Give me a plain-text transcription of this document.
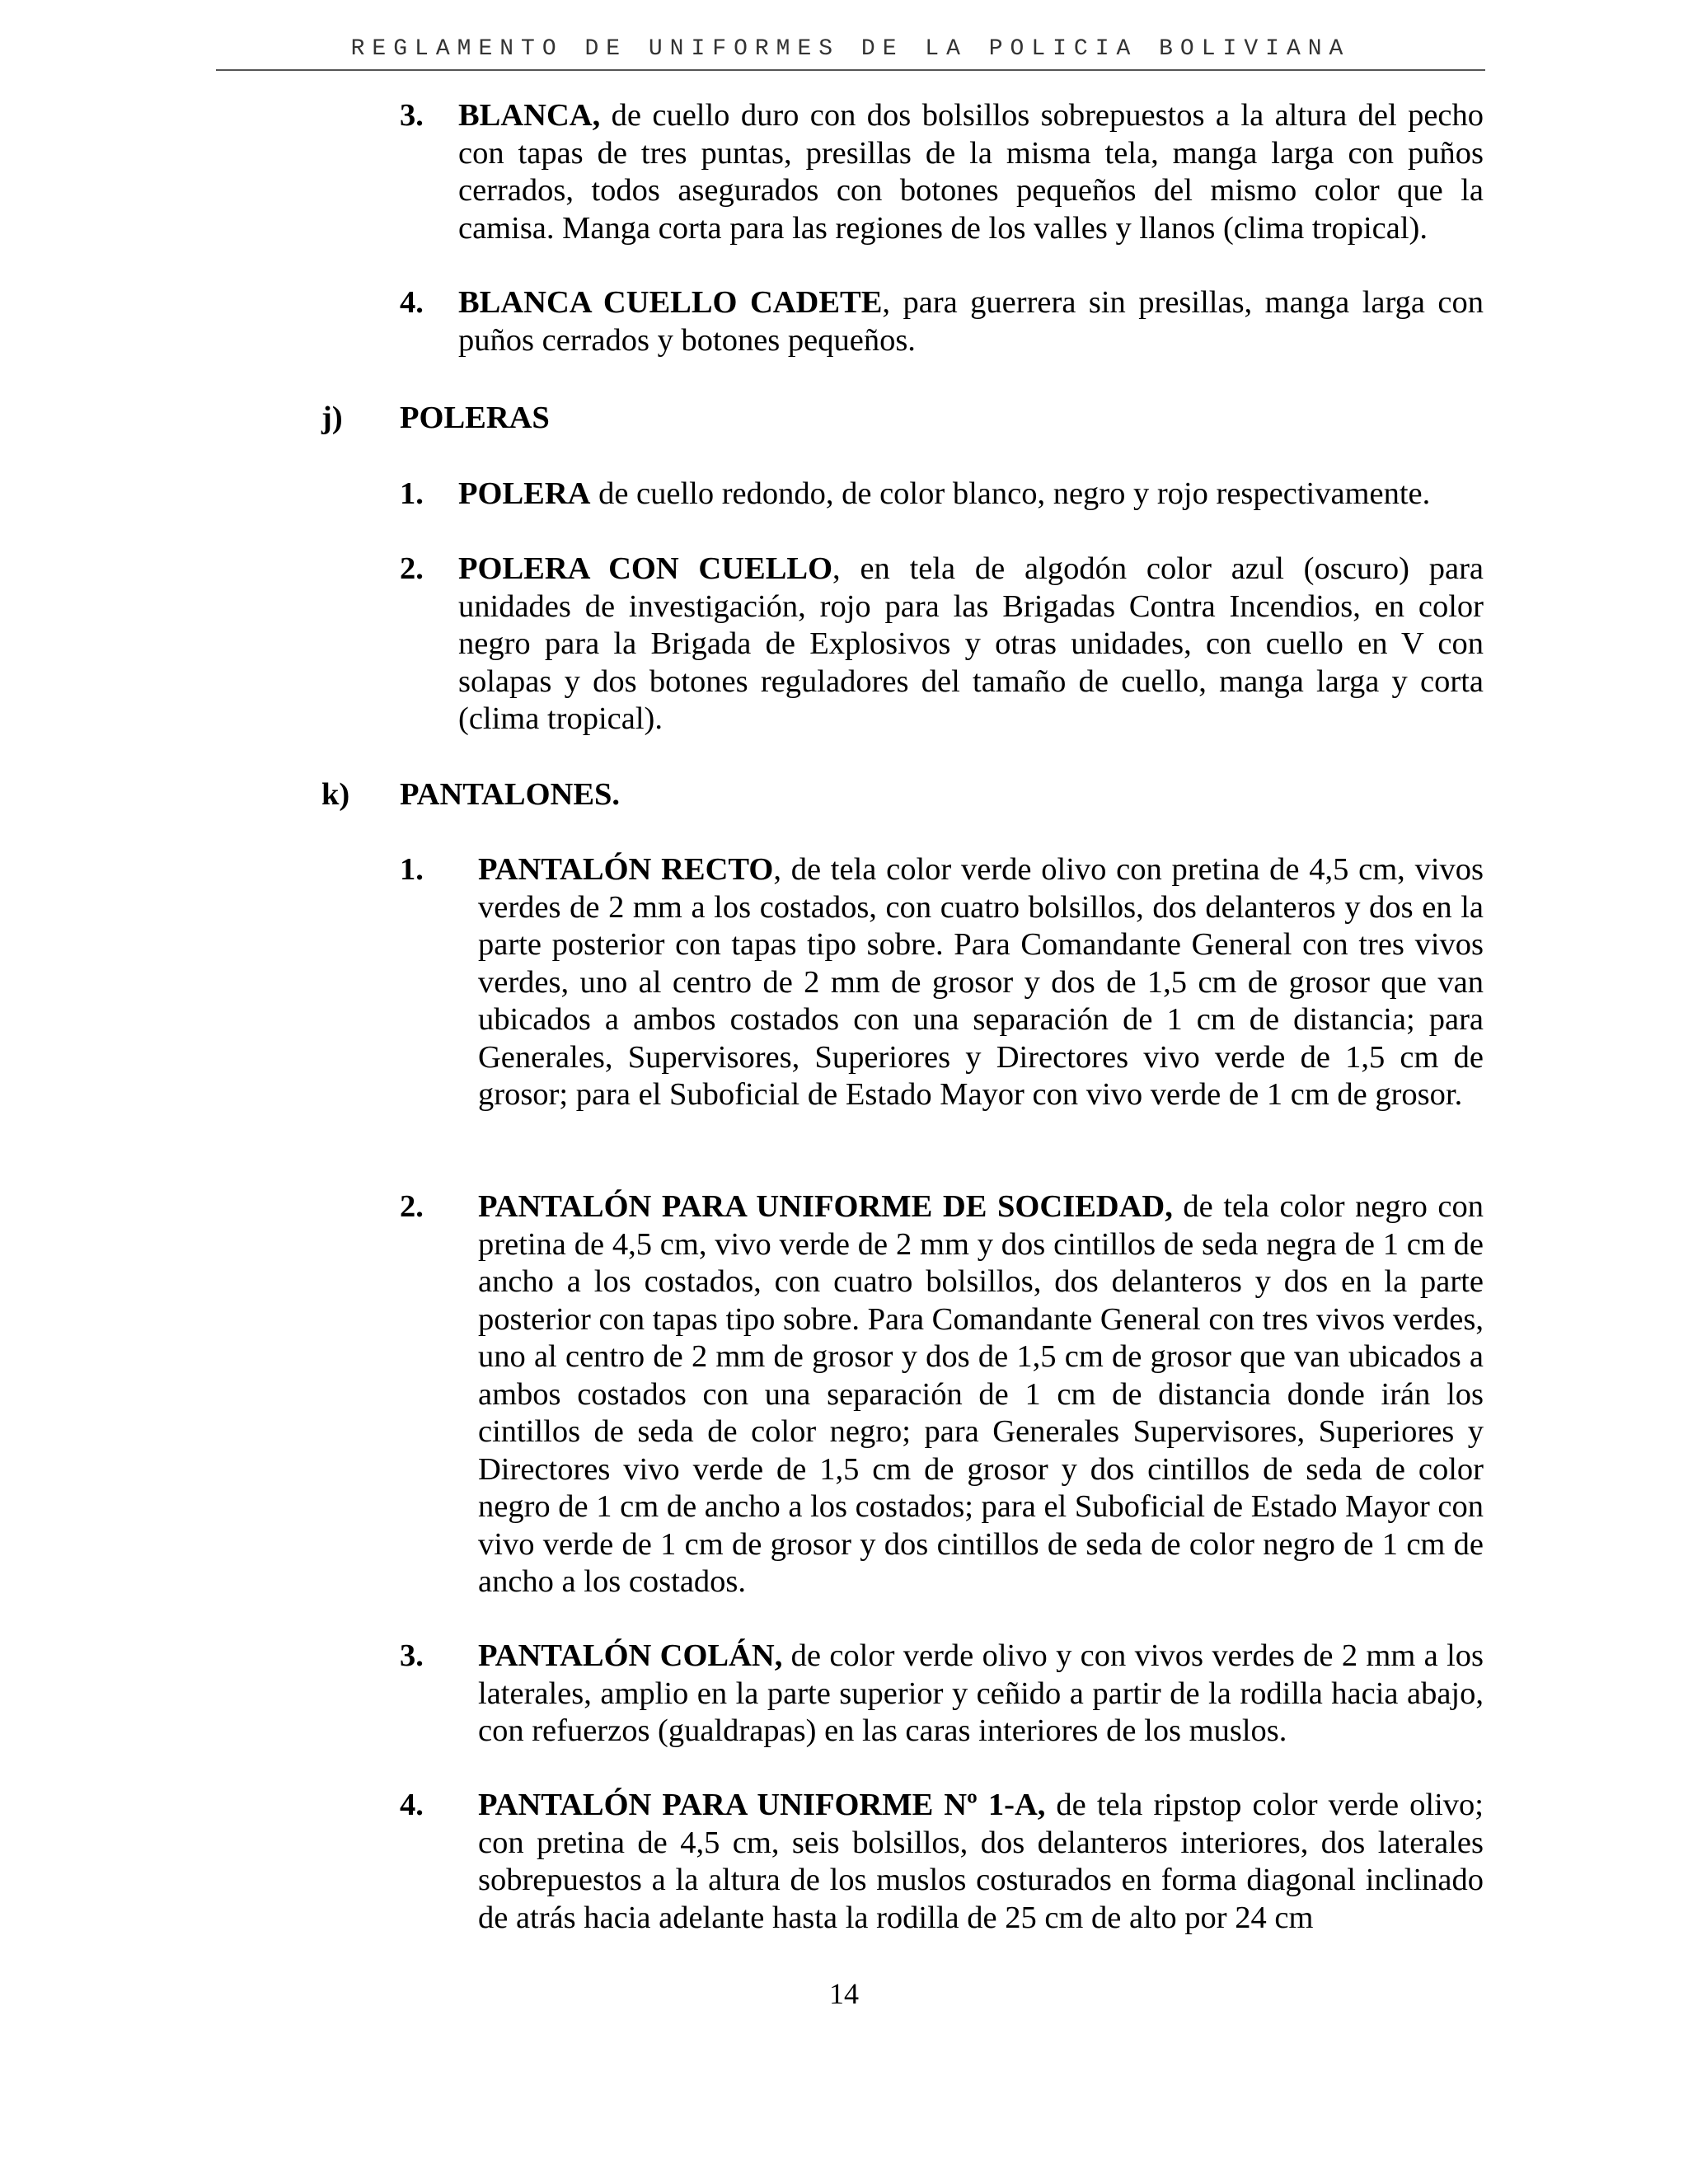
REGLAMENTO DE UNIFORMES DE LA POLICIA BOLIVIANA
3. BLANCA, de cuello duro con dos bolsillos sobrepuestos a la altura del pecho con tapas de tres puntas, presillas de la misma tela, manga larga con puños cerrados, todos asegurados con botones pequeños del mismo color que la camisa. Manga corta para las regiones de los valles y llanos (clima tropical).
4. BLANCA CUELLO CADETE, para guerrera sin presillas, manga larga con puños cerrados y botones pequeños.
j) POLERAS
1. POLERA de cuello redondo, de color blanco, negro y rojo respectivamente.
2. POLERA CON CUELLO, en tela de algodón color azul (oscuro) para unidades de investigación, rojo para las Brigadas Contra Incendios, en color negro para la Brigada de Explosivos y otras unidades, con cuello en V con solapas y dos botones reguladores del tamaño de cuello, manga larga y corta (clima tropical).
k) PANTALONES.
1. PANTALÓN RECTO, de tela color verde olivo con pretina de 4,5 cm, vivos verdes de 2 mm a los costados, con cuatro bolsillos, dos delanteros y dos en la parte posterior con tapas tipo sobre. Para Comandante General con tres vivos verdes, uno al centro de 2 mm de grosor y dos de 1,5 cm de grosor que van ubicados a ambos costados con una separación de 1 cm de distancia; para Generales, Supervisores, Superiores y Directores vivo verde de 1,5 cm de grosor; para el Suboficial de Estado Mayor con vivo verde de 1 cm de grosor.
2. PANTALÓN PARA UNIFORME DE SOCIEDAD, de tela color negro con pretina de 4,5 cm, vivo verde de 2 mm y dos cintillos de seda negra de 1 cm de ancho a los costados, con cuatro bolsillos, dos delanteros y dos en la parte posterior con tapas tipo sobre. Para Comandante General con tres vivos verdes, uno al centro de 2 mm de grosor y dos de 1,5 cm de grosor que van ubicados a ambos costados con una separación de 1 cm de distancia donde irán los cintillos de seda de color negro; para Generales Supervisores, Superiores y Directores vivo verde de 1,5 cm de grosor y dos cintillos de seda de color negro de 1 cm de ancho a los costados; para el Suboficial de Estado Mayor con vivo verde de 1 cm de grosor y dos cintillos de seda de color negro de 1 cm de ancho a los costados.
3. PANTALÓN COLÁN, de color verde olivo y con vivos verdes de 2 mm a los laterales, amplio en la parte superior y ceñido a partir de la rodilla hacia abajo, con refuerzos (gualdrapas) en las caras interiores de los muslos.
4. PANTALÓN PARA UNIFORME Nº 1-A, de tela ripstop color verde olivo; con pretina de 4,5 cm, seis bolsillos, dos delanteros interiores, dos laterales sobrepuestos a la altura de los muslos costurados en forma diagonal inclinado de atrás hacia adelante hasta la rodilla de 25 cm de alto por 24 cm
14
